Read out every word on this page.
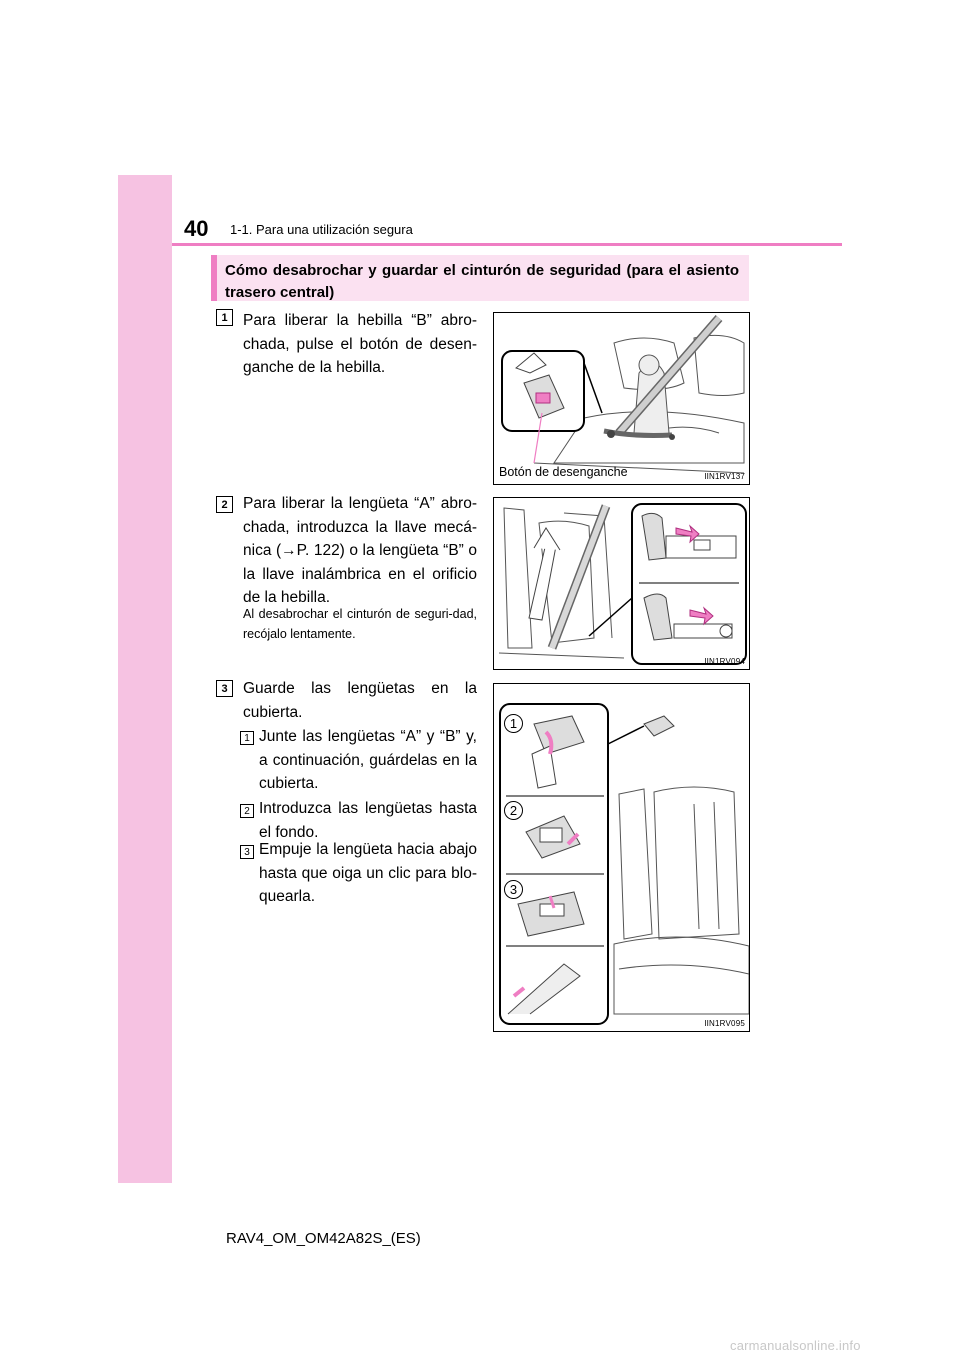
40 1-1. Para una utilización segura
Cómo desabrochar y guardar el cinturón de seguridad (para el asiento trasero central)
1 Para liberar la hebilla “B” abro-chada, pulse el botón de desen-ganche de la hebilla.
Botón de desenganche	IIN1RV137
2 Para liberar la lengüeta “A” abro-chada, introduzca la llave mecá-nica (→P. 122) o la lengüeta “B” o la llave inalámbrica en el orificio de la hebilla.
Al desabrochar el cinturón de seguri-dad, recójalo lentamente.
IIN1RV094
3 Guarde las lengüetas en la cubierta.
1 Junte las lengüetas “A” y “B” y, a continuación, guárdelas en la cubierta.
2 Introduzca las lengüetas hasta el fondo.
3 Empuje la lengüeta hacia abajo hasta que oiga un clic para blo-quearla.
1
2
3
IIN1RV095
RAV4_OM_OM42A82S_(ES)
carmanualsonline.info
